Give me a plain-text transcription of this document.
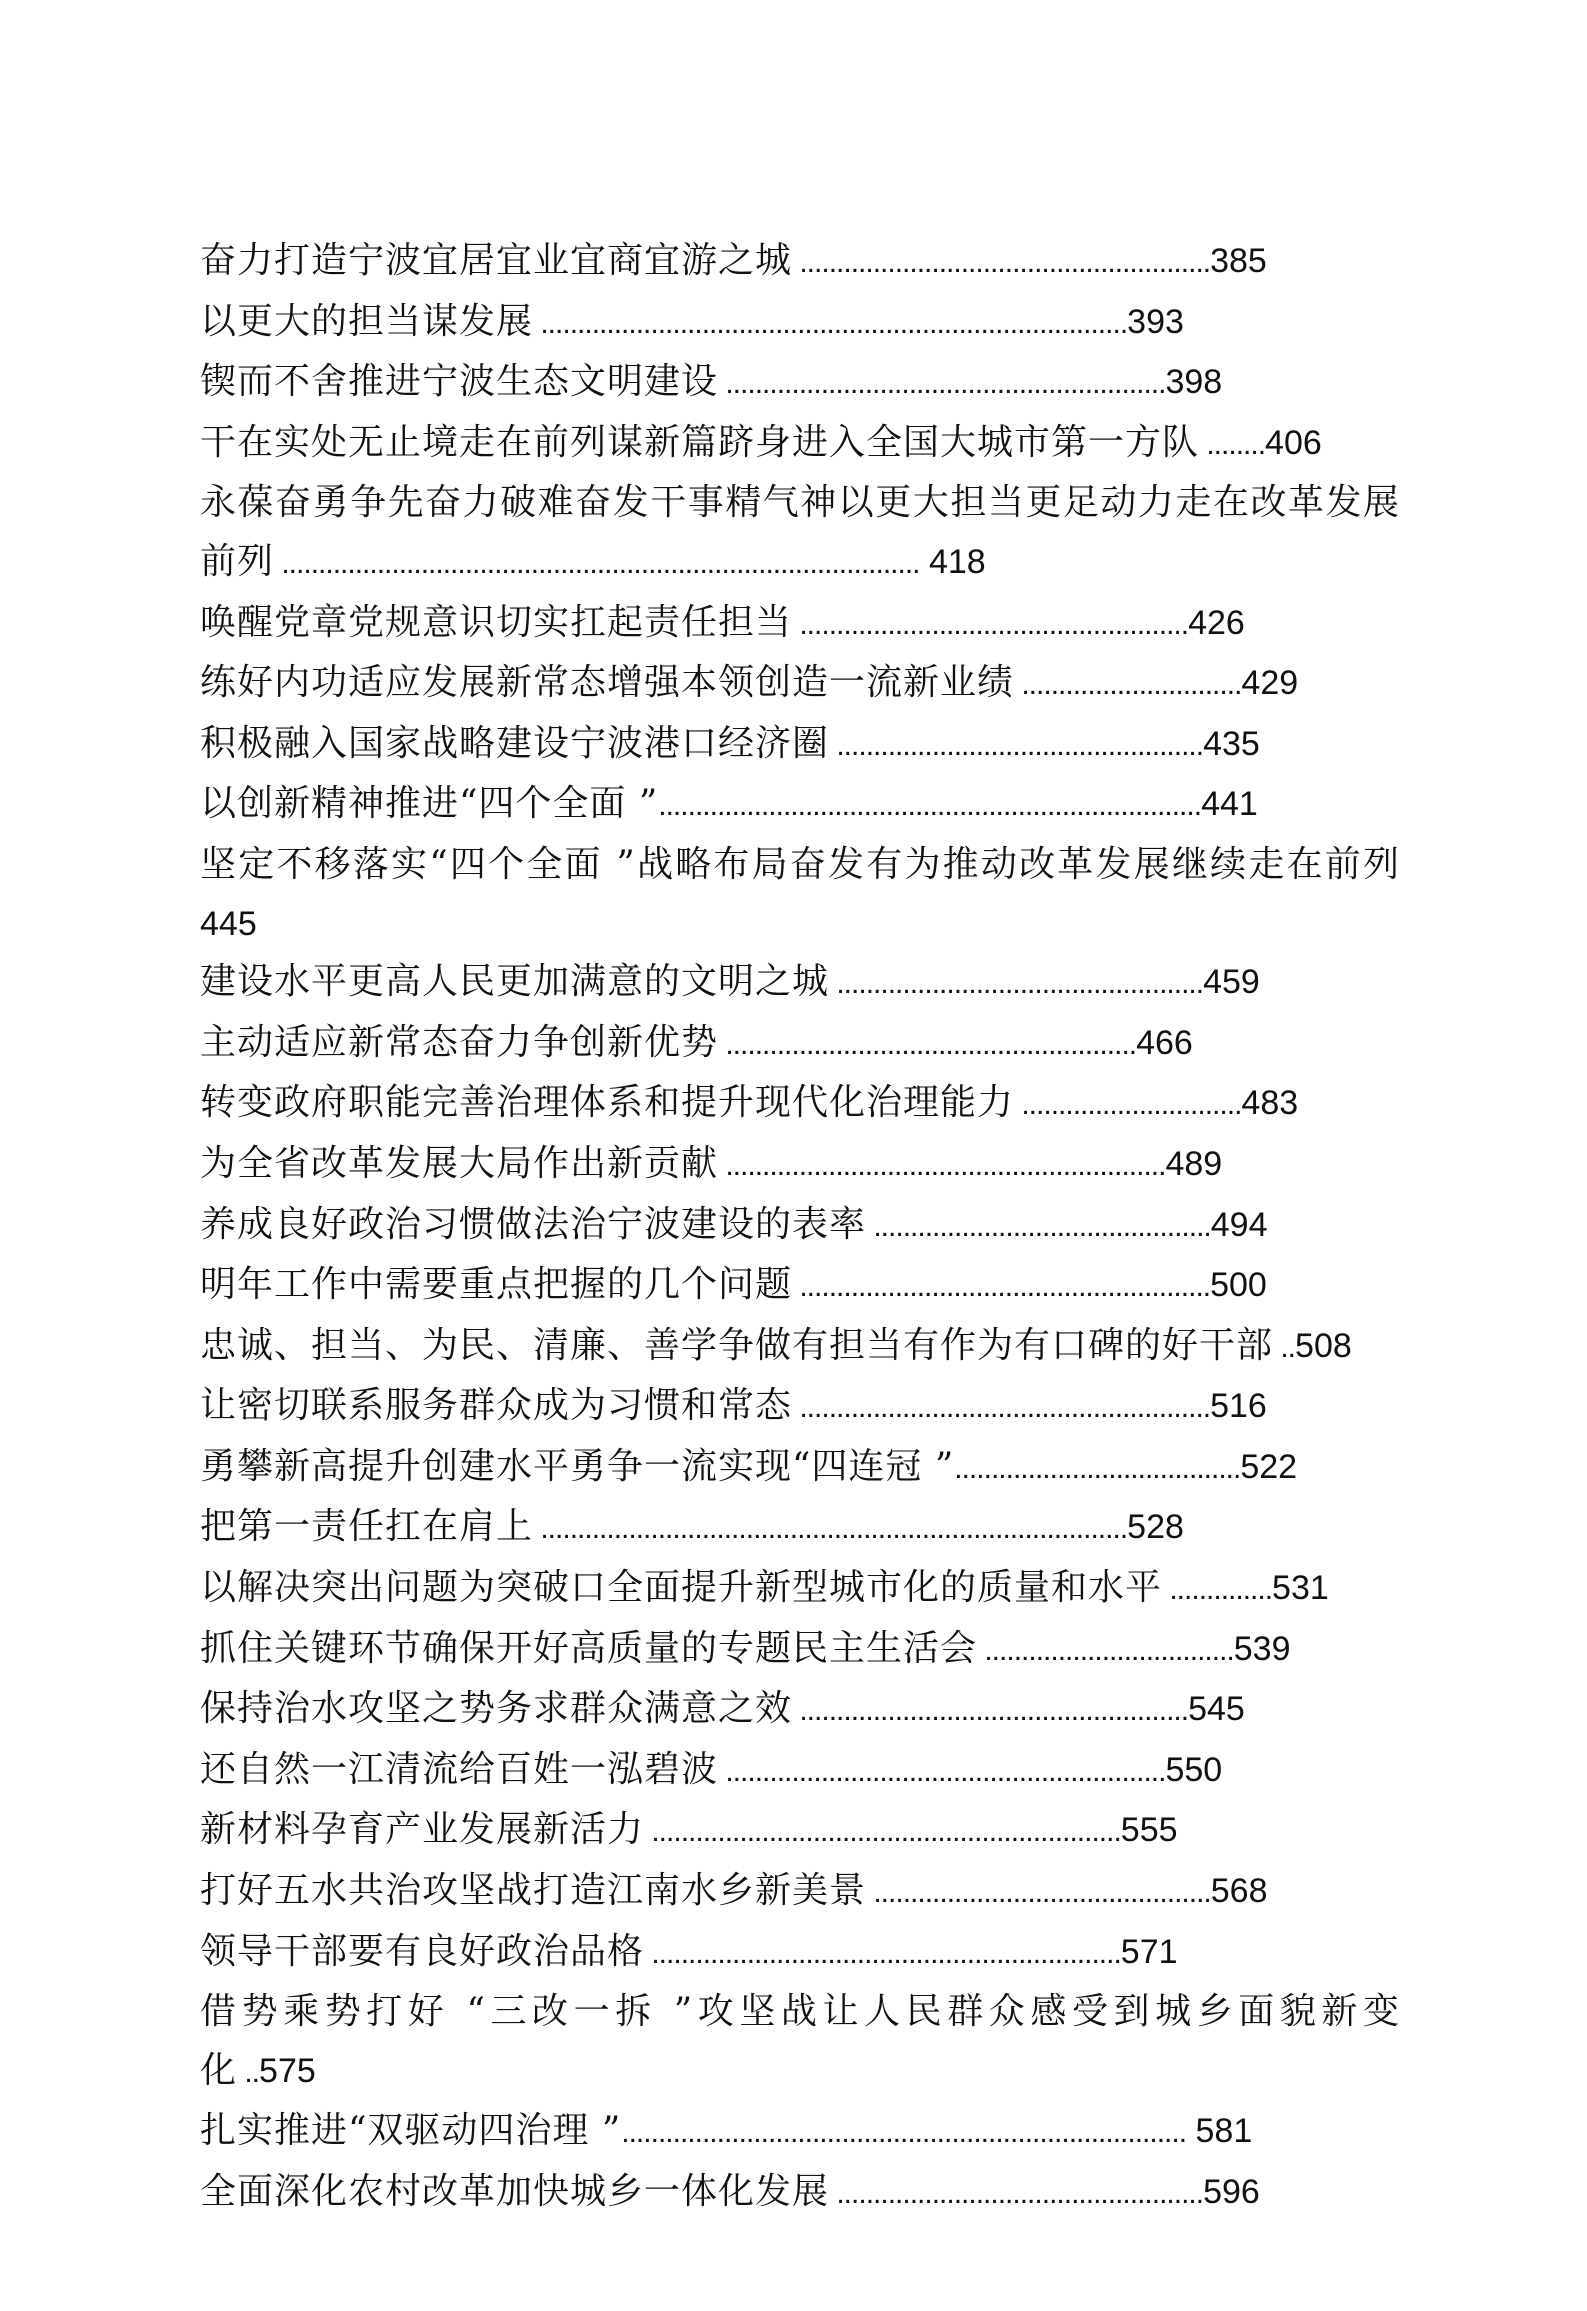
奋力打造宁波宜居宜业宜商宜游之城 ........................................................385
以更大的担当谋发展 ................................................................................393
锲而不舍推进宁波生态文明建设 ............................................................398
干在实处无止境走在前列谋新篇跻身进入全国大城市第一方队 ........406
永葆奋勇争先奋力破难奋发干事精气神以更大担当更足动力走在改革发展
前列 ....................................................................................... 418
唤醒党章党规意识切实扛起责任担当 .....................................................426
练好内功适应发展新常态增强本领创造一流新业绩 ..............................429
积极融入国家战略建设宁波港口经济圈 ..................................................435
以创新精神推进“四个全面 ”..........................................................................441
坚定不移落实“四个全面 ”战略布局奋发有为推动改革发展继续走在前列
445
建设水平更高人民更加满意的文明之城 ..................................................459
主动适应新常态奋力争创新优势 ........................................................466
转变政府职能完善治理体系和提升现代化治理能力 ..............................483
为全省改革发展大局作出新贡献 ............................................................489
养成良好政治习惯做法治宁波建设的表率 ..............................................494
明年工作中需要重点把握的几个问题 ........................................................500
忠诚、担当、为民、清廉、善学争做有担当有作为有口碑的好干部 ..508
让密切联系服务群众成为习惯和常态 ........................................................516
勇攀新高提升创建水平勇争一流实现“四连冠 ”.......................................522
把第一责任扛在肩上 ................................................................................528
以解决突出问题为突破口全面提升新型城市化的质量和水平 ..............531
抓住关键环节确保开好高质量的专题民主生活会 ..................................539
保持治水攻坚之势务求群众满意之效 .....................................................545
还自然一江清流给百姓一泓碧波 ............................................................550
新材料孕育产业发展新活力 ................................................................555
打好五水共治攻坚战打造江南水乡新美景 ..............................................568
领导干部要有良好政治品格 ................................................................571
借势乘势打好 “三改一拆 ”攻坚战让人民群众感受到城乡面貌新变
化 ..575
扎实推进“双驱动四治理 ”............................................................................. 581
全面深化农村改革加快城乡一体化发展 ..................................................596
